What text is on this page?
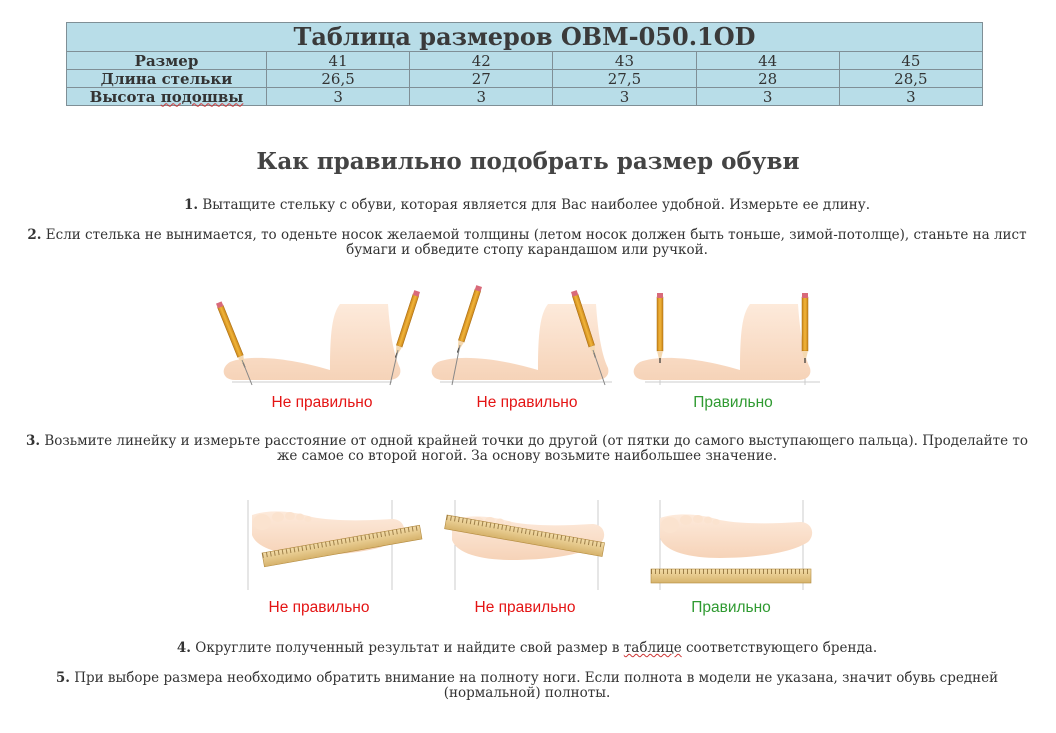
Таблица размеров OBM-050.1OD					
Размер	41	42	43	44	45
Длина стельки	26,5	27	27,5	28	28,5
Высота подошвы	3	3	3	3	3
Как правильно подобрать размер обуви

1. Вытащите стельку с обуви, которая является для Вас наиболее удобной. Измерьте ее длину.

2. Если стелька не вынимается, то оденьте носок желаемой толщины (летом носок должен быть тоньше, зимой-потолще), станьте на лист бумаги и обведите стопу карандашом или ручкой.

3. Возьмите линейку и измерьте расстояние от одной крайней точки до другой (от пятки до самого выступающего пальца). Проделайте то же самое со второй ногой. За основу возьмите наибольшее значение.

4. Округлите полученный результат и найдите свой размер в таблице соответствующего бренда.

5. При выборе размера необходимо обратить внимание на полноту ноги. Если полнота в модели не указана, значит обувь средней (нормальной) полноты.

Не правильно	Не правильно	Правильно
Не правильно	Не правильно	Правильно
